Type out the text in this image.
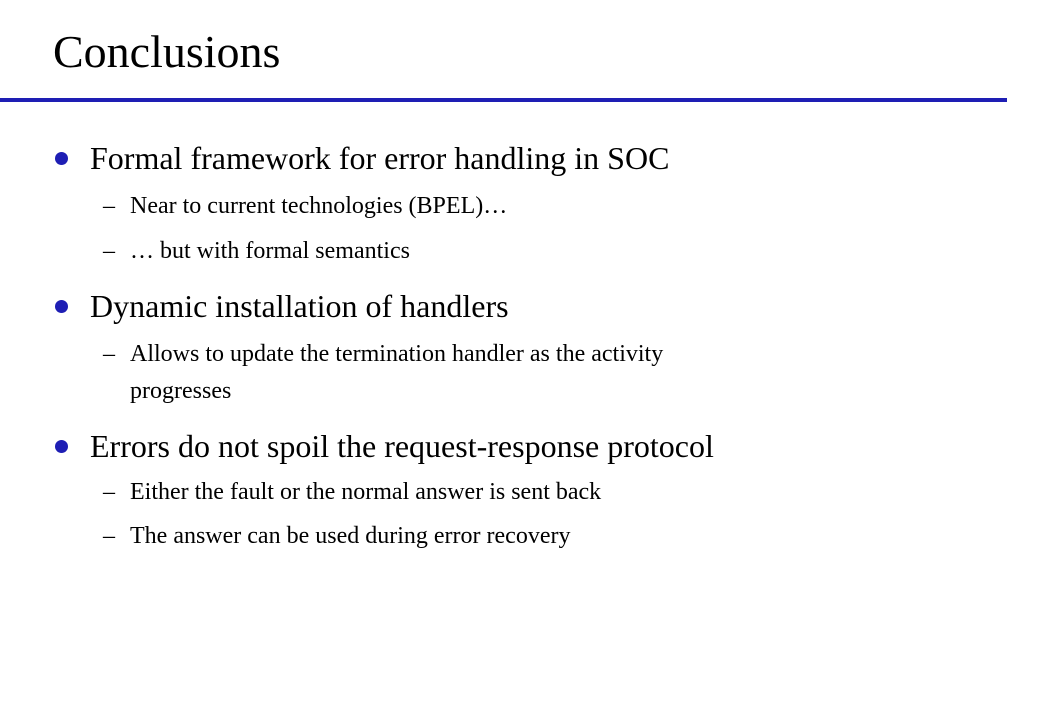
Conclusions
Formal framework for error handling in SOC
– Near to current technologies (BPEL)…
– … but with formal semantics
Dynamic installation of handlers
– Allows to update the termination handler as the activity
progresses
Errors do not spoil the request-response protocol
– Either the fault or the normal answer is sent back
– The answer can be used during error recovery
